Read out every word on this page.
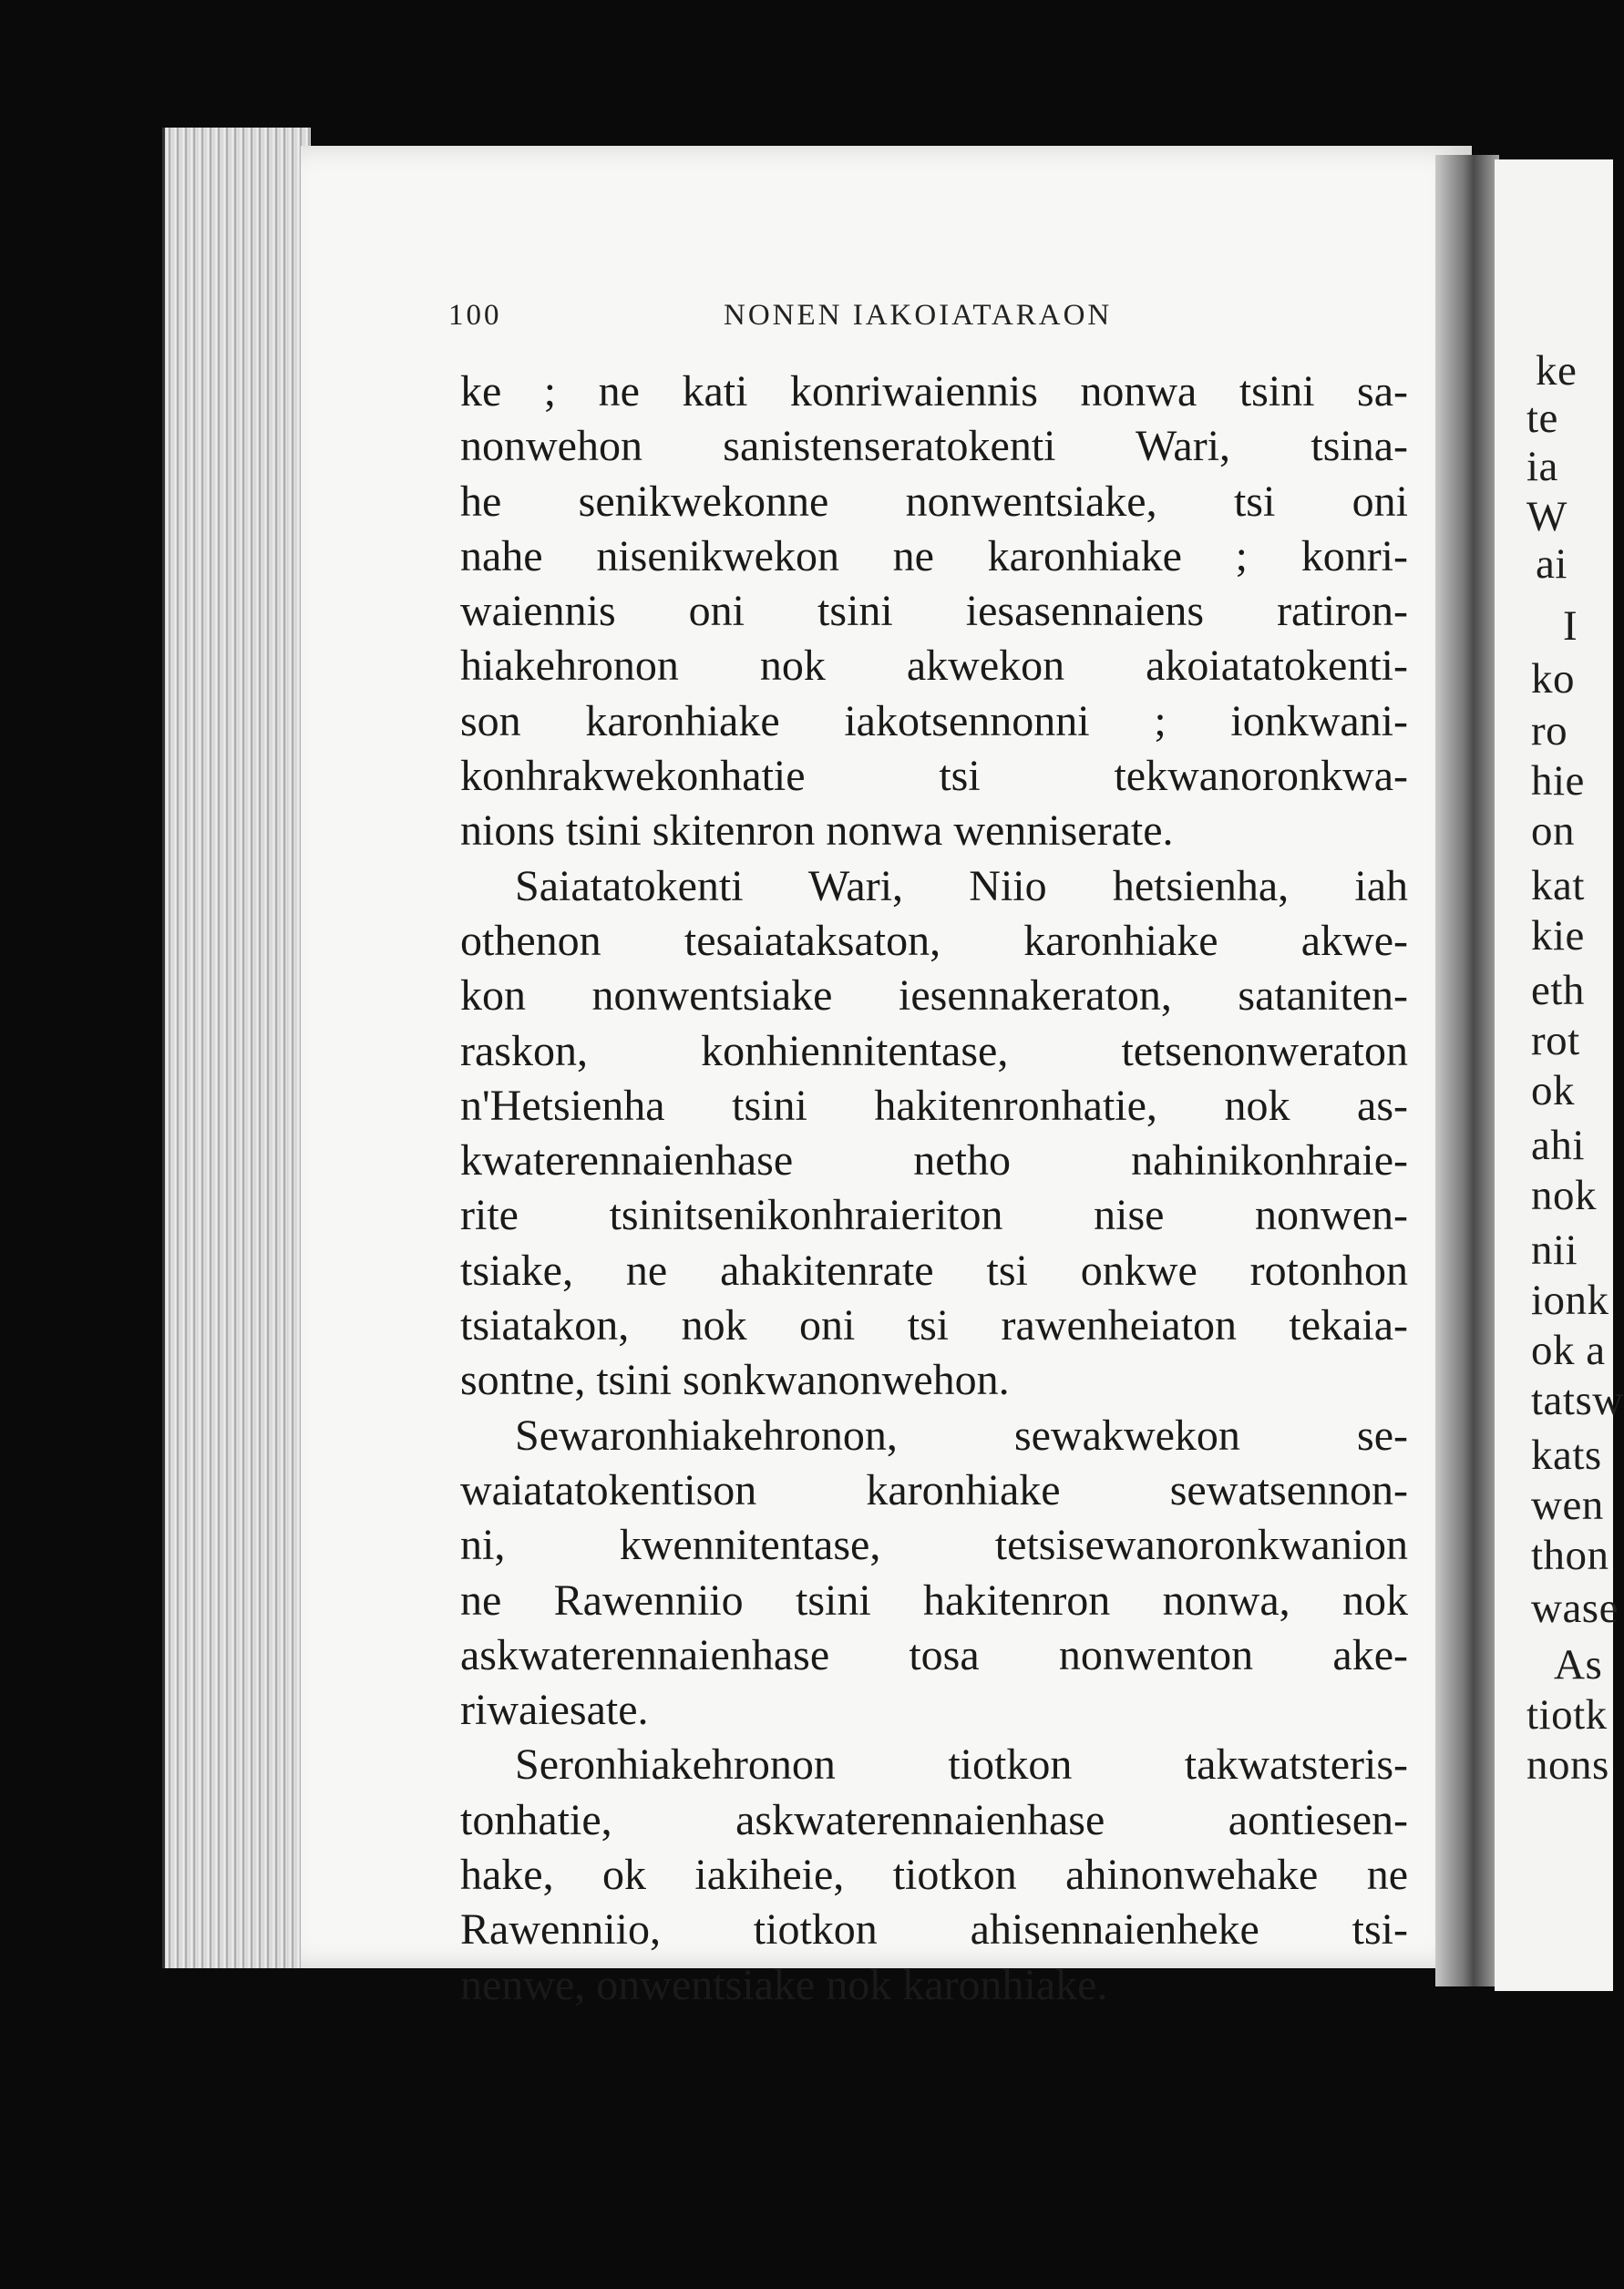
ke
te
ia
W
ai
I
ko
ro
hie
on
kat
kie
eth
rot
ok
ahi
nok
nii
ionk
ok a
tatsw
kats
wen
thon
wase
As
tiotk
nons
100	NONEN IAKOIATARAON
ke ; ne kati konriwaiennis nonwa tsini sa-
nonwehon sanistenseratokenti Wari, tsina-
he senikwekonne nonwentsiake, tsi oni
nahe nisenikwekon ne karonhiake ; konri-
waiennis oni tsini iesasennaiens ratiron-
hiakehronon nok akwekon akoiatatokenti-
son karonhiake iakotsennonni ; ionkwani-
konhrakwekonhatie tsi tekwanoronkwa-
nions tsini skitenron nonwa wenniserate.
Saiatatokenti Wari, Niio hetsienha, iah
othenon tesaiataksaton, karonhiake akwe-
kon nonwentsiake iesennakeraton, sataniten-
raskon, konhiennitentase, tetsenonweraton
n'Hetsienha tsini hakitenronhatie, nok as-
kwaterennaienhase netho nahinikonhraie-
rite tsinitsenikonhraieriton nise nonwen-
tsiake, ne ahakitenrate tsi onkwe rotonhon
tsiatakon, nok oni tsi rawenheiaton tekaia-
sontne, tsini sonkwanonwehon.
Sewaronhiakehronon, sewakwekon se-
waiatatokentison karonhiake sewatsennon-
ni, kwennitentase, tetsisewanoronkwanion
ne Rawenniio tsini hakitenron nonwa, nok
askwaterennaienhase tosa nonwenton ake-
riwaiesate.
Seronhiakehronon tiotkon takwatsteris-
tonhatie, askwaterennaienhase aontiesen-
hake, ok iakiheie, tiotkon ahinonwehake ne
Rawenniio, tiotkon ahisennaienheke tsi-
nenwe, onwentsiake nok karonhiake.
